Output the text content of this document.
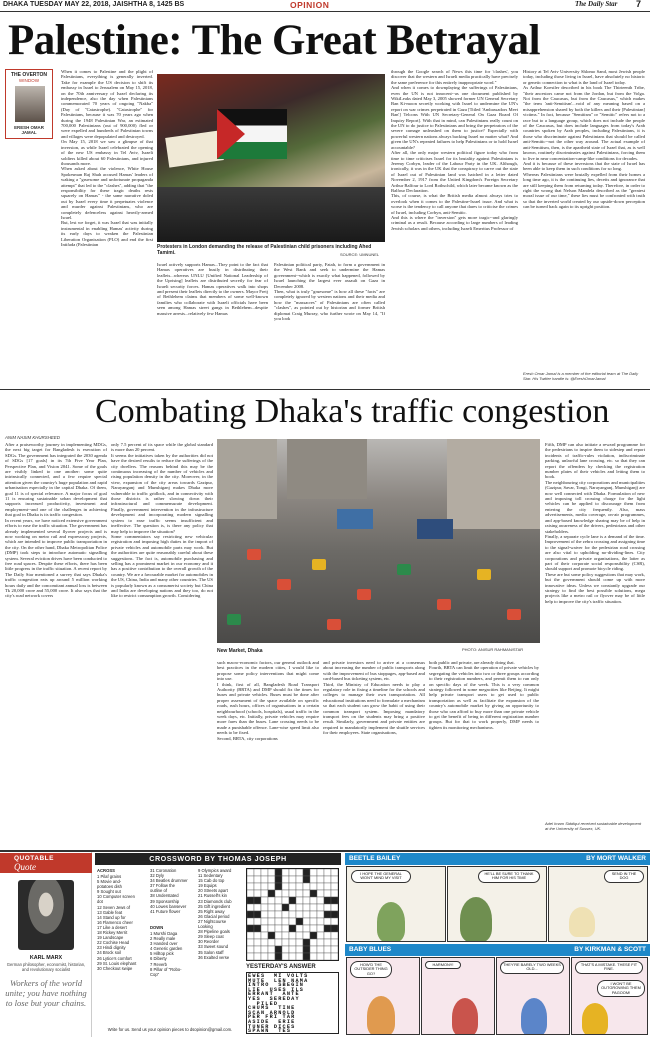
DHAKA TUESDAY MAY 22, 2018, JAISHTHA 8, 1425 BS	OPINION	The Daily Star 7
Palestine: The Great Betrayal
THE OVERTON
WINDOW
ERESH OMAR JAMAL
When it comes to Palestine and the plight of Palestinians, everything is generally inverted. Take for example the US decision to shift its embassy in Israel to Jerusalem on May 15, 2018, on the 70th anniversary of Israel declaring its independence, also the day when Palestinians commemorated 70 years of ongoing "Nakba" (Day of "Catastrophe). "Catastrophe" for Palestinians, because it was 70 years ago when during the 1948 Palestinian War, an estimated 700,000 Palestinians (out of 900,000) fled or were expelled and hundreds of Palestinian towns and villages were depopulated and destroyed.
On May 15, 2018 we saw a glimpse of that inversion, as while Israel celebrated the opening of the new US embassy in Tel Aviv, Israeli soldiers killed about 60 Palestinians, and injured thousands more.
When asked about the violence, White House Spokesman Raj Shah accused Hamas' leaders of waking a "gruesome and unfortunate propaganda attempt" that led to the "clashes", adding that "the responsibility for these tragic deaths rests squarely on Hamas" - the same narrative doled out by Israel every time it perpetuates violence and murder against Palestinians, who are completely defenceless against heavily-armed Israel.
But, lest we forget, it was Israel that was initially instrumental in enabling Hamas' activity during its early days to weaken the Palestinian Liberation Organisation (PLO) and end the first Intifada (Palestinian
Israel actively supports Hamas...They point to the fact that Hamas operatives are busily in distributing their leaflets...whereas UNLU [Unified National Leadership of the Uprising] leaflets are distributed secretly for fear of Israeli security forces. Hamas operatives walk into shops and present their leaflets directly to the owners. Mayor Freij of Bethlehem claims that members of some well-known families who collaborate with Israeli officials have been seen among Hamas street gangs in Bethlehem...despite massive arrests...relatively few Hamas
Palestinian political party, Fatah, to form a government in the West Bank and seek to undermine the Hamas government--which is exactly what happened, followed by Israel launching the largest ever assault on Gaza in December 2008.
Then, what is truly "gruesome" is how all these "facts" are completely ignored by western nations and their media and how the "massacres" of Palestinians are often called "clashes", as pointed out by historian and former British diplomat Craig Murray, who further wrote on May 14, "If you look
Protesters in London demanding the release of Palestinian child prisoners including Ahed Tamimi.	SOURCE: UMNUNEL
through the Google search of News this time for 'clashes', you discover that the western and Israeli media practically have precisely the same preference for this entirely inappropriate word."
And when it comes to downplaying the sufferings of Palestinians, even the UN is not innocent--as one document published by WikiLeaks dated May 3, 2005 showed former UN General Secretary Ban Ki-moon secretly working with Israel to undermine the UN's report on war crimes perpetrated in Gaza [Titled 'Ambassadors Meet Ban'] Telcons With UN Secretary-General On Gaza Board Of Inquiry Report]. With that in mind, can Palestinians really count on the UN to do justice to Palestinians and bring the perpetrators of the severe carnage unleashed on them to justice? Especially with powerful western nations always backing Israel no matter what? And given the UN's repeated failures to help Palestinians or to hold Israel accountable?
After all, the only major western political figure today who from time to time criticises Israel for its brutality against Palestinians is Jeremy Corbyn, leader of the Labour Party in the UK. Although, ironically, it was in the UK that the conspiracy to carve out the state of Israel out of Palestinian land was hatched in a letter dated November 2, 1917 from the United Kingdom's Foreign Secretary Arthur Balfour to Lord Rothschild, which later became known as the Balfour Declaration.
This, of course, is what the British media almost always tries to overlook when it comes to the Palestine-Israel issue. And what is worse is the tendency to call anyone that dares to criticise the crimes of Israel, including Corbyn, anti-Semitic.
And this is where the "inversion" gets more tragic--and glaringly criminal as a result. Because according to large numbers of leading Jewish scholars and others, including Israeli Emeritus Professor of
History at Tel Aviv University Shlomo Sand, most Jewish people today, including those living in Israel, have absolutely no historic or genetic connection to what is the land of Israel today.
As Arthur Koestler described in his book The Thirteenth Tribe, "their ancestors came not from the Jordan, but from the Volga. Not from the Caucasus, but from the Caucasus," which makes "the term 'anti-Semitism'...void of any meaning based on a misapprehension shared by both the killers and their [Palestinian] victims." In fact, because "Semitism" or "Semitic" refers not to a race but to a language group, which does not include the people of the Caucasus, but does include languages from today's Arab countries spoken by Arab peoples, including Palestinians, it is those who discriminate against Palestinians that should be called anti-Semitic--not the other way around. The actual example of anti-Semitism, then, is the apartheid state of Israel that, as is well known, routinely discriminates against Palestinians, forcing them to live in near concentration-camp-like conditions for decades.
And it is because of these inversions that the state of Israel has been able to keep them in such conditions for so long.
Whereas Palestinians were brutally expelled from their homes a long time ago, it is the continuing lies, deceits and ignorance that are still keeping them from returning today. Therefore, in order to right the wrong that Nelson Mandela described as the "greatest moral issue of our time," these lies must be confronted with truth so that the inverted world created by our upside-down perception can be turned back again to its upright position.
Eresh Omar Jamal is a member of the editorial team at The Daily Star. His Twitter handle is: @EreshOmarJamal
Combating Dhaka's traffic congestion
ANIM NASIM KHURSHEED
After a praiseworthy journey in implementing MDGs, the next big target for Bangladesh is execution of SDGs. The government has integrated the 2030 agenda of SDGs [17 goals] in its 7th Five Year Plan, Perspective Plan, and Vision 2041. Some of the goals are visibly linked to one another: some quite intrinsically connected, and a few require special attention given the country's huge population and rapid urbanisation especially in the capital Dhaka. Of them, goal 11 is of special relevance. A major focus of goal 11 is ensuring sustainable urban development that supports increased productivity, investment and employment--and one of the challenges in achieving that goal in Dhaka is its traffic congestion.
In recent years, we have noticed extensive government efforts to ease the traffic situation. The government has already implemented several flyover projects and is now working on metro rail and expressway projects, which are intended to improve public transportation in the city. On the other hand, Dhaka Metropolitan Police (DMP) took steps to introduce automatic signalling system. Several eviction drives have been conducted to free road spaces. Despite these efforts, there has been little progress in the traffic situation. A recent report by The Daily Star mentioned a survey that says Dhaka's traffic congestion eats up around 5 million working hours daily and the concomitant annual loss is between Tk 20,000 crore and 55,000 crore. It also says that the city's road network covers
only 7.5 percent of its space while the global standard is more than 20 percent.
It seems the initiatives taken by the authorities did not have the desired results to reduce the sufferings of the city dwellers. The reasons behind this may be the continuous increasing of the number of vehicles and rising population density in the city. Moreover, in the view, expansion of the city areas towards Gazipur, Narayanganj and Munshiganj makes Dhaka more vulnerable to traffic gridlock, and in connectivity with those districts is rather slowing down their infrastructural and commensurate development. Finally, government intervention in the infrastructure development and incorporating modern signalling system to ease traffic seems insufficient and ineffective. The question is, is there any policy that may help to improve the situation?
Some commentators say restricting new vehicular registration and imposing high duties in the import of private vehicles and automobile parts may work. But the authorities are quite reasonably careful about these suggestions. The fact is, automobile purchasing and selling has a prominent market in our economy and it has a positive contribution to the overall growth of the country. We are a favourable market for automobiles in the US, China, India and many other countries. The US is popularly known as a consumerist society but China and India are developing nations and they too, do not like to restrict consumption growth. Considering
New Market, Dhaka	PHOTO: ANISUR RAHMAN/STAR
such macro-economic factors, our general outlook and best practices in the modern cities, I would like to propose some policy interventions that might come into use.
I think, first of all, Bangladesh Road Transport Authority (BRTA) and DMP should fix the times for buses and private vehicles. Buses must be done after proper assessment of the space available on specific roads, rush hours, offices of organisations in a certain neighbourhood (schools, hospitals), usual traffic in the week days, etc. Initially, private vehicles may require more fares than the buses. Lane crossing needs to be made a punishable offence. Lane-wise speed limit also needs to be fixed.
Second, BRTA, city corporations
and private investors need to arrive at a consensus about increasing the number of public transports along with the improvement of bus stoppages, app-based and card-based bus ticketing system, etc.
Third, the Ministry of Education needs to play a regulatory role in fixing a timeline for the schools and colleges to manage their own transportation. All educational institutions need to formulate a mechanism so that each student can grow the habit of using their common transport system. Imposing mandatory transport fees on the students may bring a positive result. Similarly, government and private entities are required to mandatorily implement the shuttle services for their employees. State organisations,
both public and private, are already doing that.
Fourth, BRTA can limit the operation of private vehicles by segregating the vehicles into two or three groups according to their registration numbers, and permit them to run only on specific days of the week. This is a very common strategy followed in some megacities like Beijing. It might help private transport users to get used to public transportation as well as facilitate the expansion of the country's automobile market by giving an opportunity to those who can afford to buy more than one private vehicle to get the benefit of being in different registration number groups. But for that to work properly, DMP needs to tighten its monitoring mechanisms.
Fifth, DMP can also initiate a reward programme for the pedestrians to inspire them to sidestep and report incidents of traffic-rules violation, indiscriminate parking, unlawful lane crossing, etc. so that they can report the offenders by checking the registration number plates of their vehicles and letting them to book.
The neighbouring city corporations and municipalities (Gazipur, Savar, Tongi, Narayanganj, Munshiganj) are now well connected with Dhaka. Formulation of new and imposing toll crossing charge for the light vehicles can be applied to discourage them from entering the city frequently. Also, mass advertisements, media coverage, on-air programmes, and app-based knowledge sharing may be of help in raising awareness of the drivers, pedestrians and other stakeholders.
Finally, a separate cycle lane is a demand of the time. Improvement of the zebra crossing and assigning time to the signal-waiver for the pedestrian road crossing are also vital to upholding no-dividing-lines. City corporations and private organisations, the latter as part of their corporate social responsibility (CSR), should support and promote bicycle riding.
These are but some policy suggestions that may work, but the government should come up with more innovative ideas. Unless we constantly upgrade our strategy to find the best possible solutions, mega projects like a metro rail or flyover may be of little help to improve the city's traffic situation.
Adel Imam Siddiqui received sustainable development at the University of Sussex, UK.
QUOTABLE
Quote
KARL MARX
German philosopher, economist, historian, and revolutionary socialist
Workers of the world unite; you have nothing to lose but your chains.
CROSSWORD BY THOMAS JOSEPH
ACROSS
1 Pilaf grains
5 Movie and-
potatoes dish
9 Sought out
10 Computer screen
dot
12 Seven Jews of
13 Gable feat
14 Stand up for
16 Flamenco cheer
17 Like a desert
18 Rickey Merrit
19 Landscape
22 Cochise Head
23 Hindi dignity
24 Brock soil
26 Lytice's comfort
29 St. Louis elephant
30 Checkout swipe
31 Coronation
32 Dyly
34 Beatles drummer
37 Follow the
outline of
38 Understated
39 Sponsorship
40 Lowes bansever
41 Future flower
DOWN
1 Murshi Daga
2 Really male
3 Handed over
4 Generic garden
5 Hilltop pick
6 Diberty
7 Reverb
8 Pillar of "Robo-
Cop"
9 Olympics award
11 Sedentary
15 Cab do top
19 Equips
20 Streets apart
21 Russell's kin
23 Diamonds club
25 Gift ingredient
25 Right away
26 Glacial period
27 Nightcourse
Looking
28 Pipeline goals
29 Sleep coat
30 Reorder
33 Sweet sound
35 Salon staff
36 Exalted verse
Write for us. Send us your opinion pieces to dsopinion@gmail.com.
YESTERDAY'S ANSWER
EWES  MI VOLTS
MUTE  LEN NAMA
INTRO  SBEGIN
LIE  USES ILS
ERRANT  ANTE
YES  SEREDAY
PILED
CHUMS  TINE
SCAN ARNOLD
PER FRI TAR
ASIDE  ERIE
TUNER DICES
SPAWN  TES
BEETLE BAILEY	BY MORT WALKER
I HOPE THE GENERAL WON'T MIND MY VISIT
HE'LL BE SURE TO THANK HIM FOR HIS TIME
SEND IN THE DOG
BABY BLUES	BY KIRKMAN & SCOTT
HOW'D THE OUTSIDER THING GO?
HARMONY!	THEY'RE BARELY TWO WEEKS OLD...
THAT'S A MISTAKE. THESE FIT FINE.
I WON'T BE OUTGROWING THEM PAGOOM!
